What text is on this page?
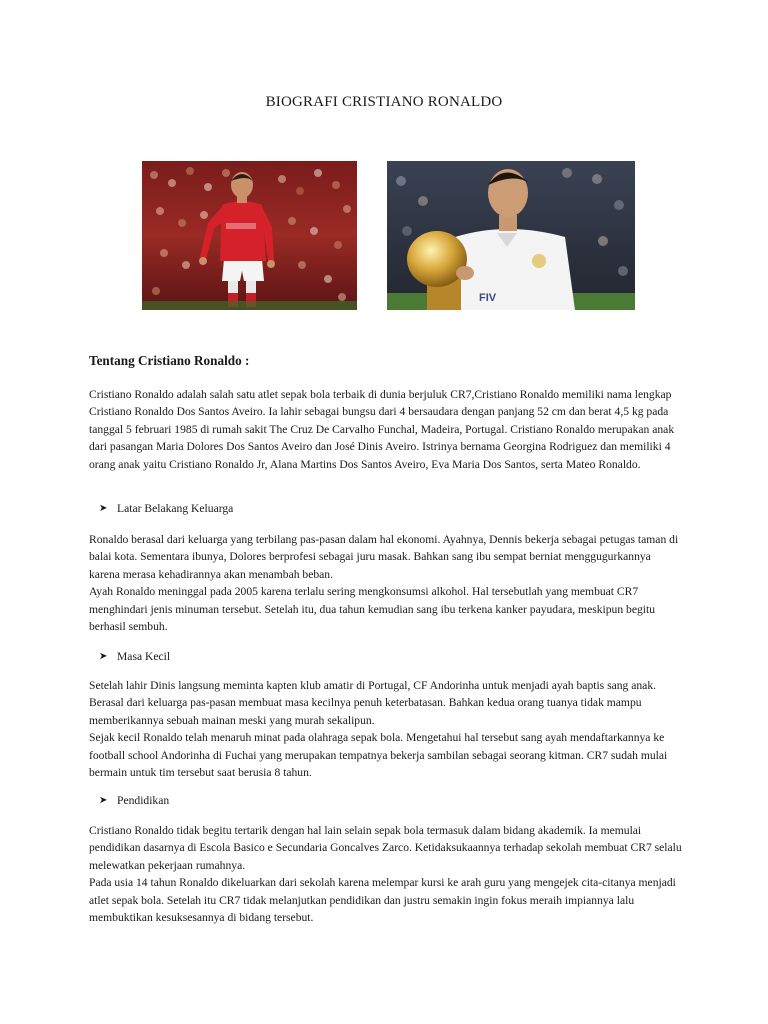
BIOGRAFI CRISTIANO RONALDO
FIV
Tentang Cristiano Ronaldo :

Cristiano Ronaldo adalah salah satu atlet sepak bola terbaik di dunia berjuluk CR7,Cristiano Ronaldo memiliki nama lengkap Cristiano Ronaldo Dos Santos Aveiro. Ia lahir sebagai bungsu dari 4 bersaudara dengan panjang 52 cm dan berat 4,5 kg pada tanggal 5 februari 1985 di rumah sakit The Cruz De Carvalho Funchal, Madeira, Portugal. Cristiano Ronaldo merupakan anak dari pasangan Maria Dolores Dos Santos Aveiro dan José Dinis Aveiro. Istrinya bernama Georgina Rodriguez dan memiliki 4 orang anak yaitu Cristiano Ronaldo Jr, Alana Martins Dos Santos Aveiro, Eva Maria Dos Santos, serta Mateo Ronaldo.

➤ Latar Belakang Keluarga

Ronaldo berasal dari keluarga yang terbilang pas-pasan dalam hal ekonomi. Ayahnya, Dennis bekerja sebagai petugas taman di balai kota. Sementara ibunya, Dolores berprofesi sebagai juru masak. Bahkan sang ibu sempat berniat menggugurkannya karena merasa kehadirannya akan menambah beban.

Ayah Ronaldo meninggal pada 2005 karena terlalu sering mengkonsumsi alkohol. Hal tersebutlah yang membuat CR7 menghindari jenis minuman tersebut. Setelah itu, dua tahun kemudian sang ibu terkena kanker payudara, meskipun begitu berhasil sembuh.

➤ Masa Kecil

Setelah lahir Dinis langsung meminta kapten klub amatir di Portugal, CF Andorinha untuk menjadi ayah baptis sang anak. Berasal dari keluarga pas-pasan membuat masa kecilnya penuh keterbatasan. Bahkan kedua orang tuanya tidak mampu memberikannya sebuah mainan meski yang murah sekalipun.

Sejak kecil Ronaldo telah menaruh minat pada olahraga sepak bola. Mengetahui hal tersebut sang ayah mendaftarkannya ke football school Andorinha di Fuchai yang merupakan tempatnya bekerja sambilan sebagai seorang kitman. CR7 sudah mulai bermain untuk tim tersebut saat berusia 8 tahun.

➤ Pendidikan

Cristiano Ronaldo tidak begitu tertarik dengan hal lain selain sepak bola termasuk dalam bidang akademik. Ia memulai pendidikan dasarnya di Escola Basico e Secundaria Goncalves Zarco. Ketidaksukaannya terhadap sekolah membuat CR7 selalu melewatkan pekerjaan rumahnya.

Pada usia 14 tahun Ronaldo dikeluarkan dari sekolah karena melempar kursi ke arah guru yang mengejek cita-citanya menjadi atlet sepak bola. Setelah itu CR7 tidak melanjutkan pendidikan dan justru semakin ingin fokus meraih impiannya lalu membuktikan kesuksesannya di bidang tersebut.
